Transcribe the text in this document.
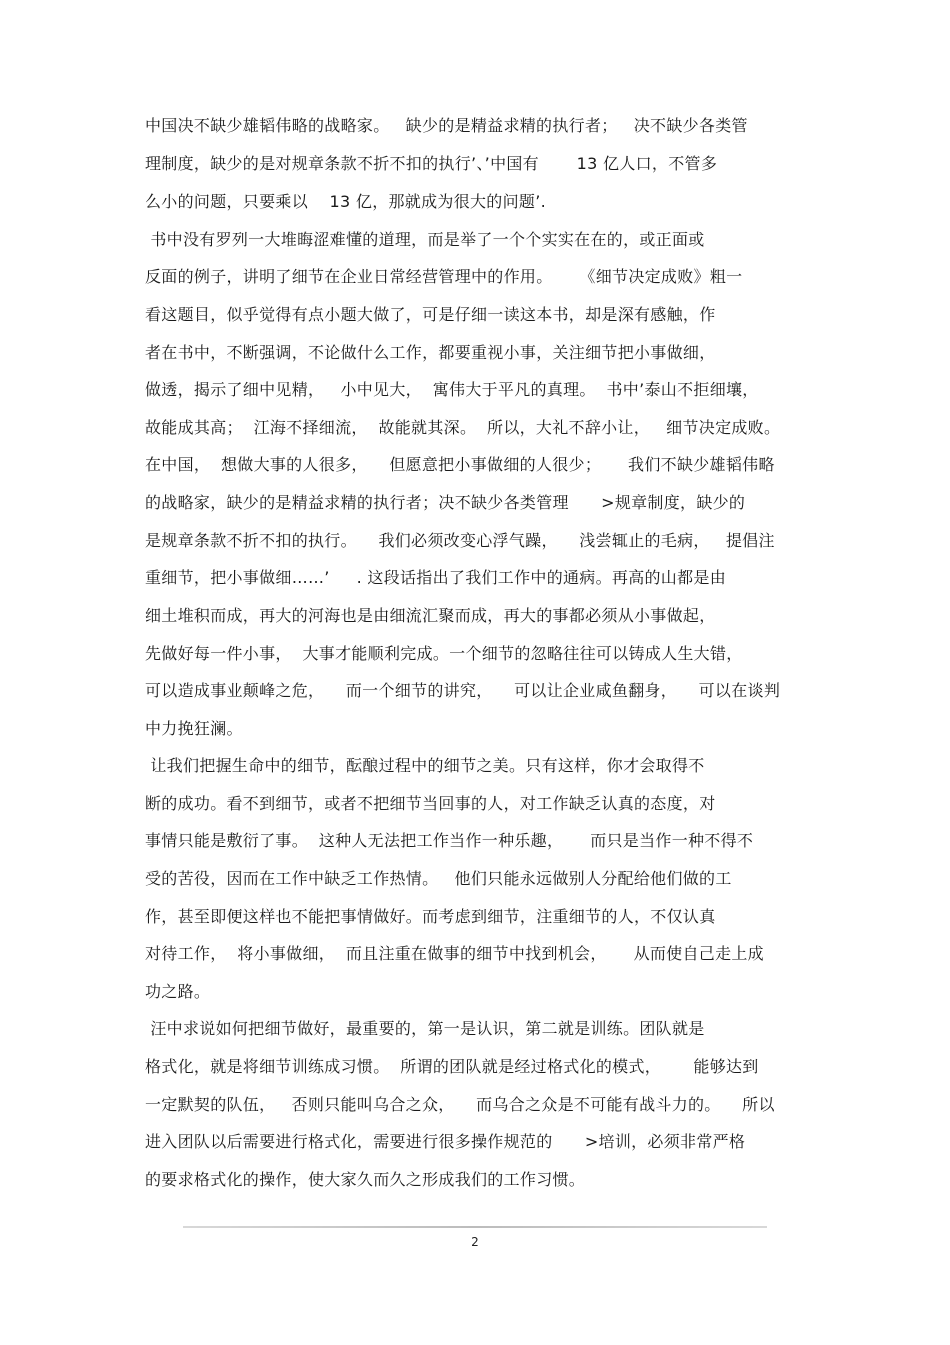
中国决不缺少雄韬伟略的战略家。   缺少的是精益求精的执行者；   决不缺少各类管
理制度，缺少的是对规章条款不折不扣的执行’、’中国有       13 亿人口，不管多
么小的问题，只要乘以    13 亿，那就成为很大的问题’.
书中没有罗列一大堆晦涩难懂的道理，而是举了一个个实实在在的，或正面或
反面的例子，讲明了细节在企业日常经营管理中的作用。     《细节决定成败》粗一
看这题目，似乎觉得有点小题大做了，可是仔细一读这本书，却是深有感触，作
者在书中，不断强调，不论做什么工作，都要重视小事，关注细节把小事做细，
做透，揭示了细中见精，   小中见大，  寓伟大于平凡的真理。  书中’泰山不拒细壤，
故能成其高；  江海不择细流，  故能就其深。  所以，大礼不辞小让，   细节决定成败。
在中国，  想做大事的人很多，    但愿意把小事做细的人很少；     我们不缺少雄韬伟略
的战略家，缺少的是精益求精的执行者；决不缺少各类管理      >规章制度，缺少的
是规章条款不折不扣的执行。    我们必须改变心浮气躁，    浅尝辄止的毛病，   提倡注
重细节，把小事做细……’     . 这段话指出了我们工作中的通病。再高的山都是由
细土堆积而成，再大的河海也是由细流汇聚而成，再大的事都必须从小事做起，
先做好每一件小事，  大事才能顺利完成。一个细节的忽略往往可以铸成人生大错，
可以造成事业颠峰之危，    而一个细节的讲究，    可以让企业咸鱼翻身，    可以在谈判
中力挽狂澜。
让我们把握生命中的细节，酝酿过程中的细节之美。只有这样，你才会取得不
断的成功。看不到细节，或者不把细节当回事的人，对工作缺乏认真的态度，对
事情只能是敷衍了事。  这种人无法把工作当作一种乐趣，     而只是当作一种不得不
受的苦役，因而在工作中缺乏工作热情。   他们只能永远做别人分配给他们做的工
作，甚至即便这样也不能把事情做好。而考虑到细节，注重细节的人，不仅认真
对待工作，  将小事做细，  而且注重在做事的细节中找到机会，     从而使自己走上成
功之路。
汪中求说如何把细节做好，最重要的，第一是认识，第二就是训练。团队就是
格式化，就是将细节训练成习惯。  所谓的团队就是经过格式化的模式，      能够达到
一定默契的队伍，   否则只能叫乌合之众，    而乌合之众是不可能有战斗力的。    所以
进入团队以后需要进行格式化，需要进行很多操作规范的      >培训，必须非常严格
的要求格式化的操作，使大家久而久之形成我们的工作习惯。
2
